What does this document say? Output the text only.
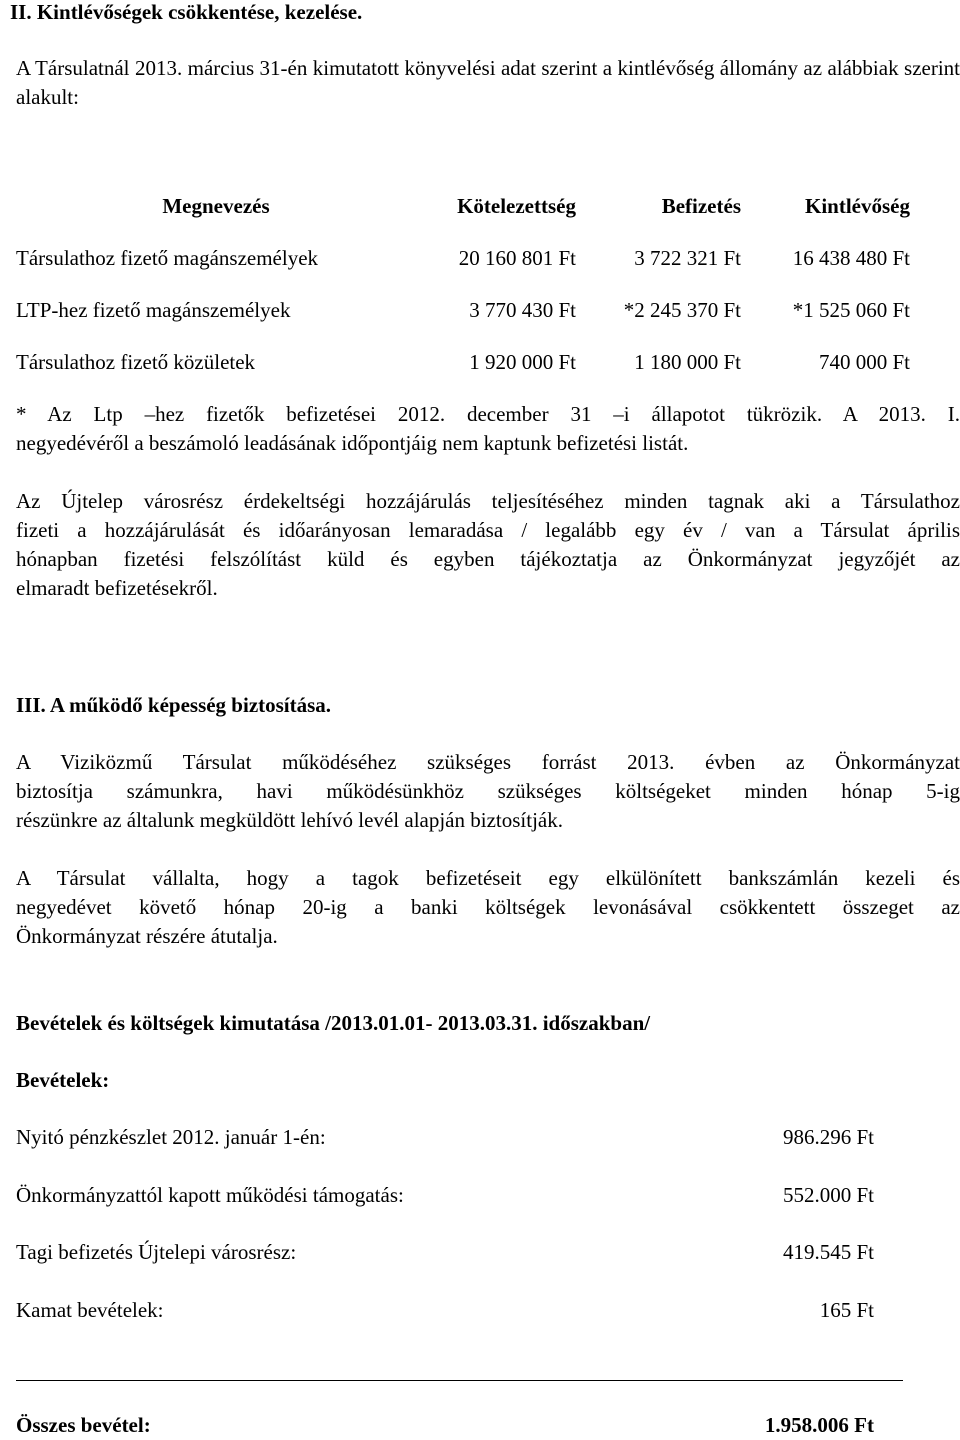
II. Kintlévőségek csökkentése, kezelése.
A Társulatnál 2013. március 31-én kimutatott könyvelési adat szerint a kintlévőség állomány az alábbiak szerint alakult:
Megnevezés	Kötelezettség	Befizetés	Kintlévőség
Társulathoz fizető magánszemélyek	20 160 801 Ft	3 722 321 Ft	16 438 480 Ft
LTP-hez fizető magánszemélyek	3 770 430 Ft	*2 245 370 Ft	*1 525 060 Ft
Társulathoz fizető közületek	1 920 000 Ft	1 180 000 Ft	740 000 Ft
* Az Ltp –hez fizetők befizetései 2012. december 31 –i állapotot tükrözik. A 2013. I.
negyedévéről a beszámoló leadásának időpontjáig nem kaptunk befizetési listát.
Az Újtelep városrész érdekeltségi hozzájárulás teljesítéséhez minden tagnak aki a Társulathoz
fizeti a hozzájárulását és időarányosan lemaradása / legalább egy év / van a Társulat április
hónapban fizetési felszólítást küld és egyben tájékoztatja az Önkormányzat jegyzőjét az
elmaradt befizetésekről.
III. A működő képesség biztosítása.
A Viziközmű Társulat működéséhez szükséges forrást 2013. évben az Önkormányzat
biztosítja számunkra, havi működésünkhöz szükséges költségeket minden hónap 5-ig
részünkre az általunk megküldött lehívó levél alapján biztosítják.
A Társulat vállalta, hogy a tagok befizetéseit egy elkülönített bankszámlán kezeli és
negyedévet követő hónap 20-ig a banki költségek levonásával csökkentett összeget az
Önkormányzat részére átutalja.
Bevételek és költségek kimutatása /2013.01.01- 2013.03.31. időszakban/
Bevételek:
Nyitó pénzkészlet 2012. január 1-én:	986.296 Ft
Önkormányzattól kapott működési támogatás:	552.000 Ft
Tagi befizetés Újtelepi városrész:	419.545 Ft
Kamat bevételek:	165 Ft
Összes bevétel:	1.958.006 Ft
